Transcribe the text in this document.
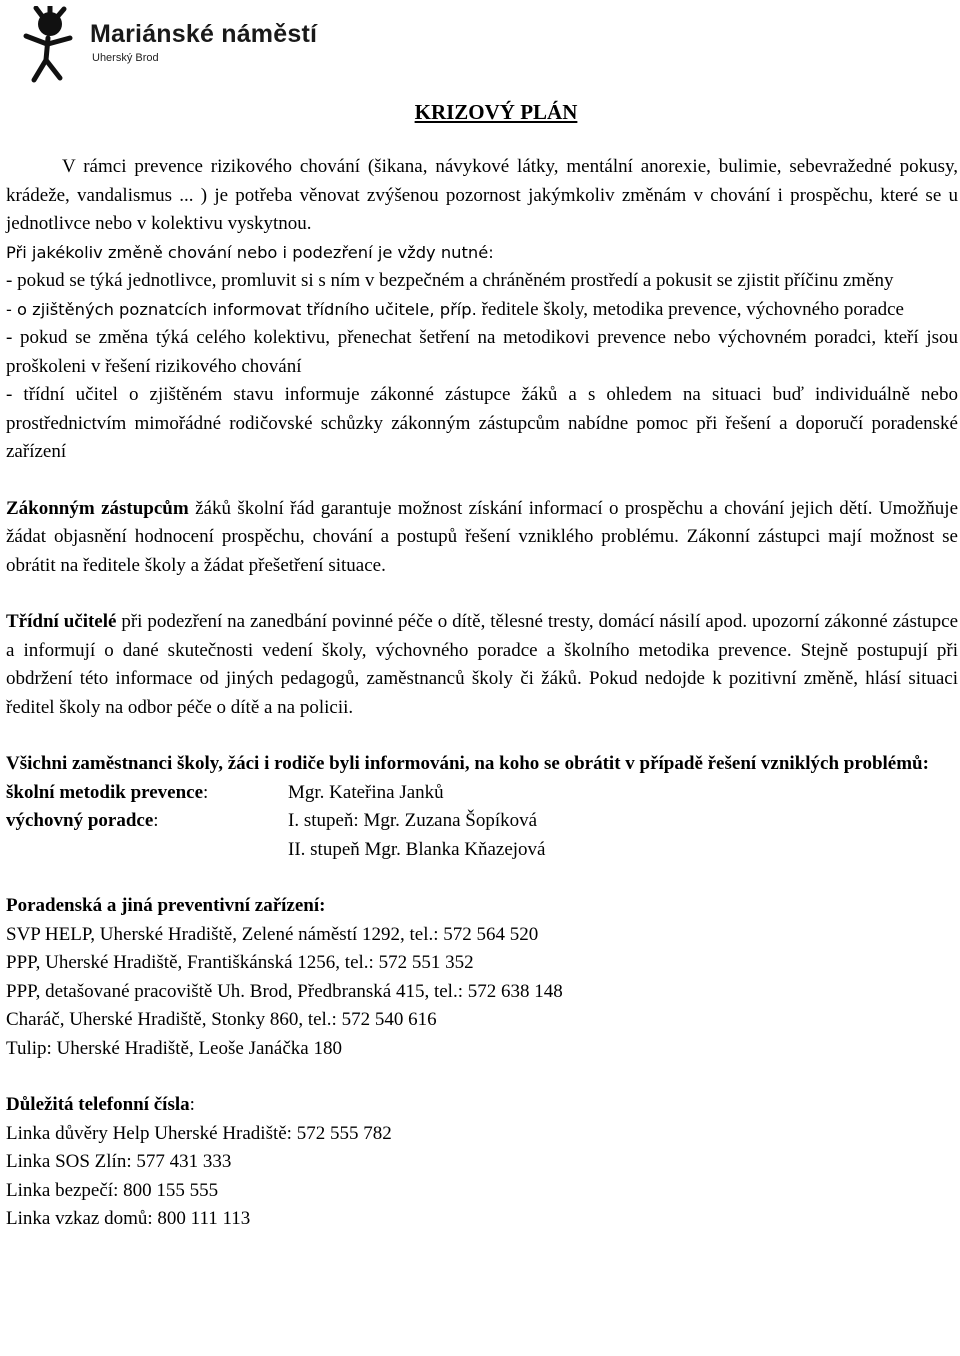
Mariánské náměstí
Uherský Brod
KRIZOVÝ PLÁN

V rámci prevence rizikového chování (šikana, návykové látky, mentální anorexie, bulimie, sebevražedné pokusy, krádeže, vandalismus ... ) je potřeba věnovat zvýšenou pozornost jakýmkoliv změnám v chování i prospěchu, které se u jednotlivce nebo v kolektivu vyskytnou.

Při jakékoliv změně chování nebo i podezření je vždy nutné:

- pokud se týká jednotlivce, promluvit si s ním v bezpečném a chráněném prostředí a pokusit se zjistit příčinu změny

- o zjištěných poznatcích informovat třídního učitele, příp. ředitele školy, metodika prevence, výchovného poradce

- pokud se změna týká celého kolektivu, přenechat šetření na metodikovi prevence nebo výchovném poradci, kteří jsou proškoleni v řešení rizikového chování

- třídní učitel o zjištěném stavu informuje zákonné zástupce žáků a s ohledem na situaci buď individuálně nebo prostřednictvím mimořádné rodičovské schůzky zákonným zástupcům nabídne pomoc při řešení a doporučí poradenské zařízení

Zákonným zástupcům žáků školní řád garantuje možnost získání informací o prospěchu a chování jejich dětí. Umožňuje žádat objasnění hodnocení prospěchu, chování a postupů řešení vzniklého problému. Zákonní zástupci mají možnost se obrátit na ředitele školy a žádat přešetření situace.

Třídní učitelé při podezření na zanedbání povinné péče o dítě, tělesné tresty, domácí násilí apod. upozorní zákonné zástupce a informují o dané skutečnosti vedení školy, výchovného poradce a školního metodika prevence. Stejně postupují při obdržení této informace od jiných pedagogů, zaměstnanců školy či žáků. Pokud nedojde k pozitivní změně, hlásí situaci ředitel školy na odbor péče o dítě a na policii.

Všichni zaměstnanci školy, žáci i rodiče byli informováni, na koho se obrátit v případě řešení vzniklých problémů:

školní metodik prevence:	Mgr. Kateřina Janků
výchovný poradce:	I. stupeň: Mgr. Zuzana Šopíková
II. stupeň Mgr. Blanka Kňazejová

Poradenská a jiná preventivní zařízení:

SVP HELP, Uherské Hradiště, Zelené náměstí 1292, tel.: 572 564 520

PPP, Uherské Hradiště, Františkánská 1256, tel.: 572 551 352

PPP, detašované pracoviště Uh. Brod, Předbranská 415, tel.: 572 638 148

Charáč, Uherské Hradiště, Stonky 860, tel.: 572 540 616

Tulip: Uherské Hradiště, Leoše Janáčka 180

Důležitá telefonní čísla:

Linka důvěry Help Uherské Hradiště: 572 555 782

Linka SOS Zlín: 577 431 333

Linka bezpečí: 800 155 555

Linka vzkaz domů: 800 111 113
